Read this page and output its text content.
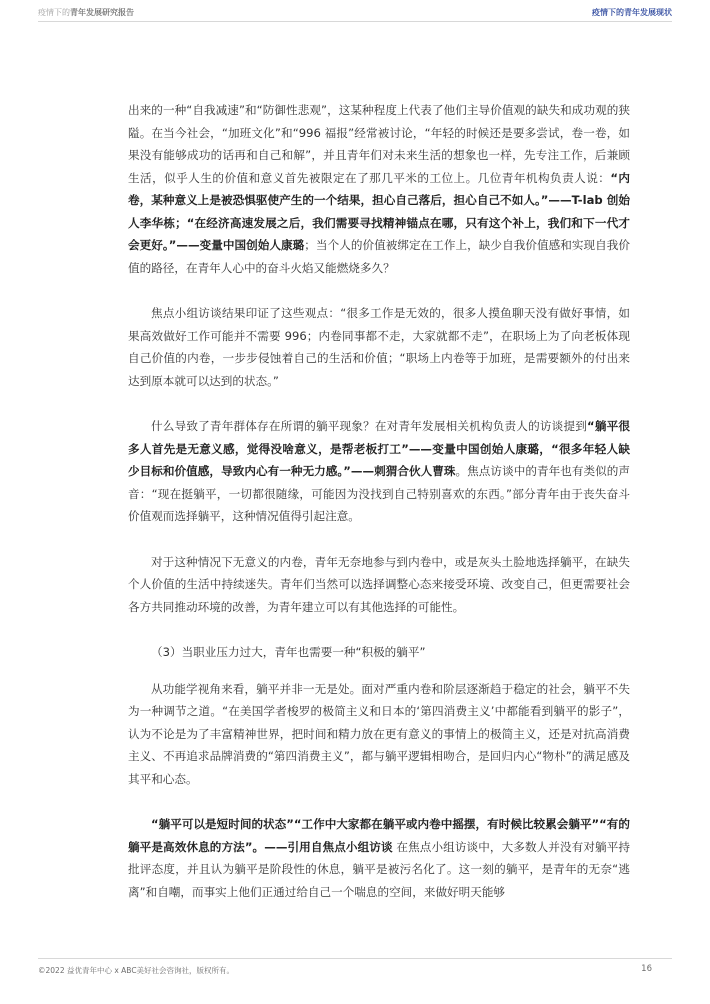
疫情下的青年发展研究报告	疫情下的青年发展现状

出来的一种“自我减速”和“防御性悲观”，这某种程度上代表了他们主导价值观的缺失和成功观的狭隘。在当今社会，“加班文化”和“996 福报”经常被讨论，“年轻的时候还是要多尝试，卷一卷，如果没有能够成功的话再和自己和解”，并且青年们对未来生活的想象也一样，先专注工作，后兼顾生活，似乎人生的价值和意义首先被限定在了那几平米的工位上。几位青年机构负责人说：“内卷，某种意义上是被恐惧驱使产生的一个结果，担心自己落后，担心自己不如人。”——T-lab 创始人李华栋；“在经济高速发展之后，我们需要寻找精神锚点在哪，只有这个补上，我们和下一代才会更好。”——变量中国创始人康璐；当个人的价值被绑定在工作上，缺少自我价值感和实现自我价值的路径，在青年人心中的奋斗火焰又能燃烧多久？

焦点小组访谈结果印证了这些观点：“很多工作是无效的，很多人摸鱼聊天没有做好事情，如果高效做好工作可能并不需要 996；内卷同事都不走，大家就都不走”，在职场上为了向老板体现自己价值的内卷，一步步侵蚀着自己的生活和价值；“职场上内卷等于加班，是需要额外的付出来达到原本就可以达到的状态。”

什么导致了青年群体存在所谓的躺平现象？在对青年发展相关机构负责人的访谈提到“躺平很多人首先是无意义感，觉得没啥意义，是帮老板打工”——变量中国创始人康璐，“很多年轻人缺少目标和价值感，导致内心有一种无力感。”——刺猬合伙人曹珠。焦点访谈中的青年也有类似的声音：“现在挺躺平，一切都很随缘，可能因为没找到自己特别喜欢的东西。”部分青年由于丧失奋斗价值观而选择躺平，这种情况值得引起注意。

对于这种情况下无意义的内卷，青年无奈地参与到内卷中，或是灰头土脸地选择躺平，在缺失个人价值的生活中持续迷失。青年们当然可以选择调整心态来接受环境、改变自己，但更需要社会各方共同推动环境的改善，为青年建立可以有其他选择的可能性。

（3）当职业压力过大，青年也需要一种“积极的躺平”

从功能学视角来看，躺平并非一无是处。面对严重内卷和阶层逐渐趋于稳定的社会，躺平不失为一种调节之道。“在美国学者梭罗的极简主义和日本的‘第四消费主义’中都能看到躺平的影子”，认为不论是为了丰富精神世界，把时间和精力放在更有意义的事情上的极简主义，还是对抗高消费主义、不再追求品牌消费的“第四消费主义”，都与躺平逻辑相吻合，是回归内心“物朴”的满足感及其平和心态。

“躺平可以是短时间的状态”“工作中大家都在躺平或内卷中摇摆，有时候比较累会躺平”“有的躺平是高效休息的方法”。——引用自焦点小组访谈 在焦点小组访谈中，大多数人并没有对躺平持批评态度，并且认为躺平是阶段性的休息，躺平是被污名化了。这一刻的躺平，是青年的无奈“逃离”和自嘲，而事实上他们正通过给自己一个喘息的空间，来做好明天能够

©2022 益优青年中心 x ABC美好社会咨询社，版权所有。	16
